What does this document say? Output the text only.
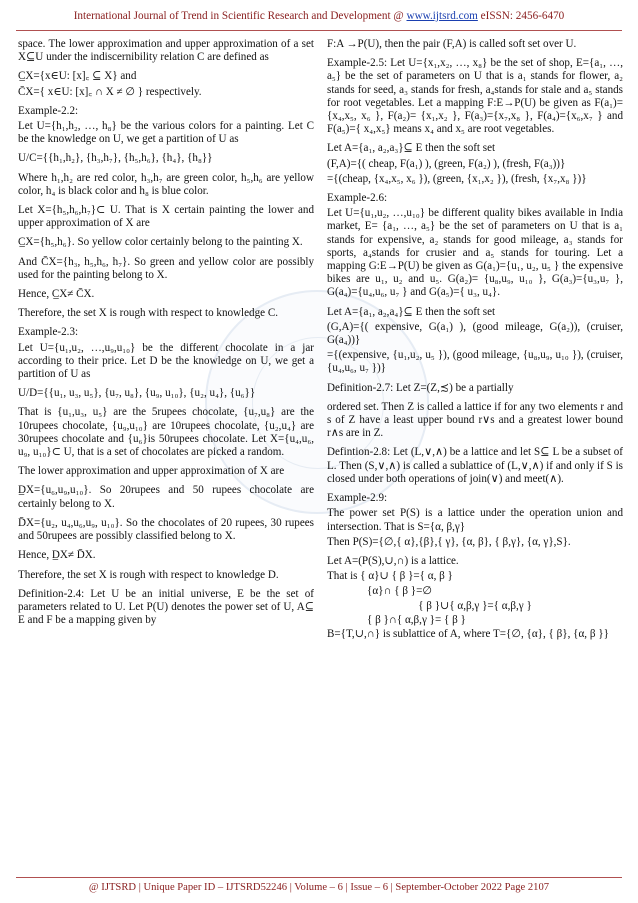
International Journal of Trend in Scientific Research and Development @ www.ijtsrd.com eISSN: 2456-6470

space. The lower approximation and upper approximation of a set X⊆U under the indiscernibility relation C are defined as

C̲X={x∈U: [x]꜀ ⊆ X} and

C̄X={ x∈U: [x]꜀ ∩ X ≠ ∅ } respectively.

Example-2.2:

Let U={h₁,h₂, …, h₈} be the various colors for a painting. Let C be the knowledge on U, we get a partition of U as

U/C={{h₁,h₂}, {h₃,h₇}, {h₅,h₆}, {h₄}, {h₈}}

Where h₁,h₂ are red color, h₃,h₇ are green color, h₅,h₆ are yellow color, h₄ is black color and h₈ is blue color.

Let X={h₅,h₆,h₇}⊂ U. That is X certain painting the lower and upper approximation of X are

C̲X={h₅,h₆}. So yellow color certainly belong to the painting X.

And C̄X={h₃, h₅,h₆, h₇}. So green and yellow color are possibly used for the painting belong to X.

Hence, C̲X≠ C̄X.

Therefore, the set X is rough with respect to knowledge C.

Example-2.3:

Let U={u₁,u₂, …,u₉,u₁₀} be the different chocolate in a jar according to their price. Let D be the knowledge on U, we get a partition of U as

U/D={{u₁, u₃, u₅}, {u₇, u₈}, {u₉, u₁₀}, {u₂, u₄}, {u₆}}

That is {u₁,u₃, u₅} are the 5rupees chocolate, {u₇,u₈} are the 10rupees chocolate, {u₉,u₁₀} are 10rupees chocolate, {u₂,u₄} are 30rupees chocolate and {u₆}is 50rupees chocolate. Let X={u₄,u₆, u₉, u₁₀}⊂ U, that is a set of chocolates are picked a random.

The lower approximation and upper approximation of X are

D̲X={u₆,u₉,u₁₀}. So 20rupees and 50 rupees chocolate are certainly belong to X.

D̄X={u₂, u₄,u₆,u₉, u₁₀}. So the chocolates of 20 rupees, 30 rupees and 50rupees are possibly classified belong to X.

Hence, D̲X≠ D̄X.

Therefore, the set X is rough with respect to knowledge D.

Definition-2.4: Let U be an initial universe, E be the set of parameters related to U. Let P(U) denotes the power set of U, A⊆ E and F be a mapping given by

F:A →P(U), then the pair (F,A) is called soft set over U.

Example-2.5: Let U={x₁,x₂, …, x₈} be the set of shop, E={a₁, …, a₅} be the set of parameters on U that is a₁ stands for flower, a₂ stands for seed, a₃ stands for fresh, a₄stands for stale and a₅ stands for root vegetables. Let a mapping F:E→P(U) be given as F(a₁)={x₄,x₅, x₆ }, F(a₂)= {x₁,x₂ }, F(a₃)={x₇,x₈ }, F(a₄)={x₆,x₇ } and F(a₅)={ x₄,x₅} means x₄ and x₅ are root vegetables.

Let A={a₁, a₂,a₃}⊆ E then the soft set

(F,A)={( cheap, F(a₁) ), (green, F(a₂) ), (fresh, F(a₃))}

={(cheap, {x₄,x₅, x₆ }), (green, {x₁,x₂ }), (fresh, {x₇,x₈ })}

Example-2.6:

Let U={u₁,u₂, …,u₁₀} be different quality bikes available in India market, E= {a₁, …, a₅} be the set of parameters on U that is a₁ stands for expensive, a₂ stands for good mileage, a₃ stands for sports, a₄stands for crusier and a₅ stands for touring. Let a mapping G:E→P(U) be given as G(a₁)={u₁, u₂, u₅ } the expensive bikes are u₁, u₂ and u₅. G(a₂)= {u₈,u₉, u₁₀ }, G(a₃)={u₃,u₇ }, G(a₄)={u₄,u₆, u₇ } and G(a₅)={ u₃, u₄}.

Let A={a₁, a₂,a₄}⊆ E then the soft set

(G,A)={( expensive, G(a₁) ), (good mileage, G(a₂)), (cruiser, G(a₄))}

={(expensive, {u₁,u₂, u₅ }), (good mileage, {u₈,u₉, u₁₀ }), (cruiser, {u₄,u₆, u₇ })}

Definition-2.7: Let Z=(Z,≾) be a partially

ordered set. Then Z is called a lattice if for any two elements r and s of Z have a least upper bound r∨s and a greatest lower bound r∧s are in Z.

Defintion-2.8: Let (L,∨,∧) be a lattice and let S⊆ L be a subset of L. Then (S,∨,∧) is called a sublattice of (L,∨,∧) if and only if S is closed under both operations of join(∨) and meet(∧).

Example-2.9:

The power set P(S) is a lattice under the operation union and intersection. That is S={α, β,γ}

Then P(S)={∅,{ α},{β},{ γ}, {α, β}, { β,γ}, {α, γ},S}.

Let A=(P(S),∪,∩) is a lattice.

That is { α}∪ { β }={ α, β }

{α}∩ { β }=∅

{ β }∪{ α,β,γ }={ α,β,γ }

{ β }∩{ α,β,γ }= { β }

B={T,∪,∩} is sublattice of A, where T={∅, {α}, { β}, {α, β }}

@ IJTSRD | Unique Paper ID – IJTSRD52246 | Volume – 6 | Issue – 6 | September-October 2022 Page 2107
